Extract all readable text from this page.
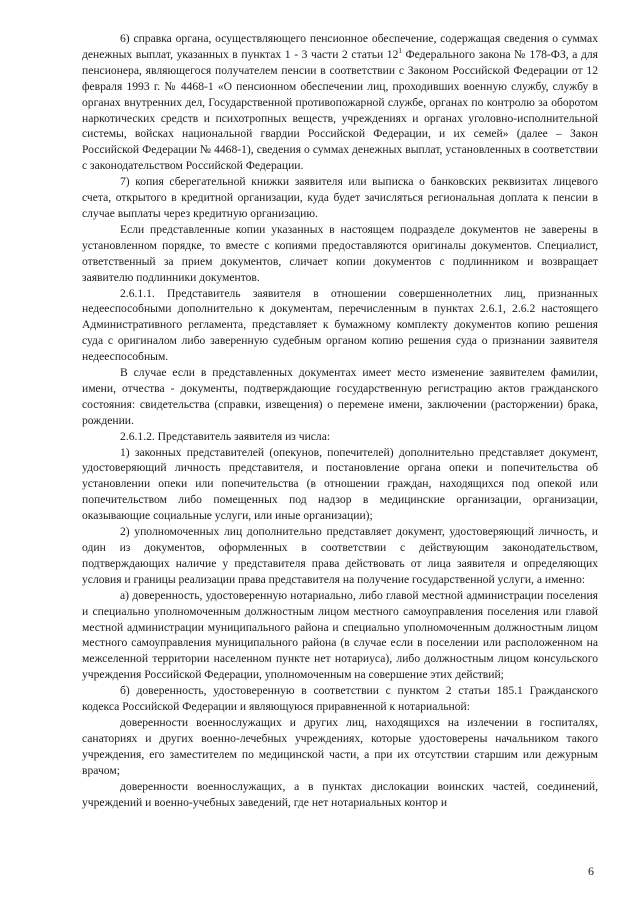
6) справка органа, осуществляющего пенсионное обеспечение, содержащая сведения о суммах денежных выплат, указанных в пунктах 1 - 3 части 2 статьи $12^1$ Федерального закона № 178-ФЗ, а для пенсионера, являющегося получателем пенсии в соответствии с Законом Российской Федерации от 12 февраля 1993 г. № 4468-1 «О пенсионном обеспечении лиц, проходивших военную службу, службу в органах внутренних дел, Государственной противопожарной службе, органах по контролю за оборотом наркотических средств и психотропных веществ, учреждениях и органах уголовно-исполнительной системы, войсках национальной гвардии Российской Федерации, и их семей» (далее – Закон Российской Федерации № 4468-1), сведения о суммах денежных выплат, установленных в соответствии с законодательством Российской Федерации.

7) копия сберегательной книжки заявителя или выписка о банковских реквизитах лицевого счета, открытого в кредитной организации, куда будет зачисляться региональная доплата к пенсии в случае выплаты через кредитную организацию.

Если представленные копии указанных в настоящем подразделе документов не заверены в установленном порядке, то вместе с копиями предоставляются оригиналы документов. Специалист, ответственный за прием документов, сличает копии документов с подлинником и возвращает заявителю подлинники документов.

2.6.1.1. Представитель заявителя в отношении совершеннолетних лиц, признанных недееспособными дополнительно к документам, перечисленным в пунктах 2.6.1, 2.6.2 настоящего Административного регламента, представляет к бумажному комплекту документов копию решения суда с оригиналом либо заверенную судебным органом копию решения суда о признании заявителя недееспособным.

В случае если в представленных документах имеет место изменение заявителем фамилии, имени, отчества - документы, подтверждающие государственную регистрацию актов гражданского состояния: свидетельства (справки, извещения) о перемене имени, заключении (расторжении) брака, рождении.

2.6.1.2. Представитель заявителя из числа:

1) законных представителей (опекунов, попечителей) дополнительно представляет документ, удостоверяющий личность представителя, и постановление органа опеки и попечительства об установлении опеки или попечительства (в отношении граждан, находящихся под опекой или попечительством либо помещенных под надзор в медицинские организации, организации, оказывающие социальные услуги, или иные организации);

2) уполномоченных лиц дополнительно представляет документ, удостоверяющий личность, и один из документов, оформленных в соответствии с действующим законодательством, подтверждающих наличие у представителя права действовать от лица заявителя и определяющих условия и границы реализации права представителя на получение государственной услуги, а именно:

а) доверенность, удостоверенную нотариально, либо главой местной администрации поселения и специально уполномоченным должностным лицом местного самоуправления поселения или главой местной администрации муниципального района и специально уполномоченным должностным лицом местного самоуправления муниципального района (в случае если в поселении или расположенном на межселенной территории населенном пункте нет нотариуса), либо должностным лицом консульского учреждения Российской Федерации, уполномоченным на совершение этих действий;

б) доверенность, удостоверенную в соответствии с пунктом 2 статьи 185.1 Гражданского кодекса Российской Федерации и являющуюся приравненной к нотариальной:

доверенности военнослужащих и других лиц, находящихся на излечении в госпиталях, санаториях и других военно-лечебных учреждениях, которые удостоверены начальником такого учреждения, его заместителем по медицинской части, а при их отсутствии старшим или дежурным врачом;

доверенности военнослужащих, а в пунктах дислокации воинских частей, соединений, учреждений и военно-учебных заведений, где нет нотариальных контор и

6
